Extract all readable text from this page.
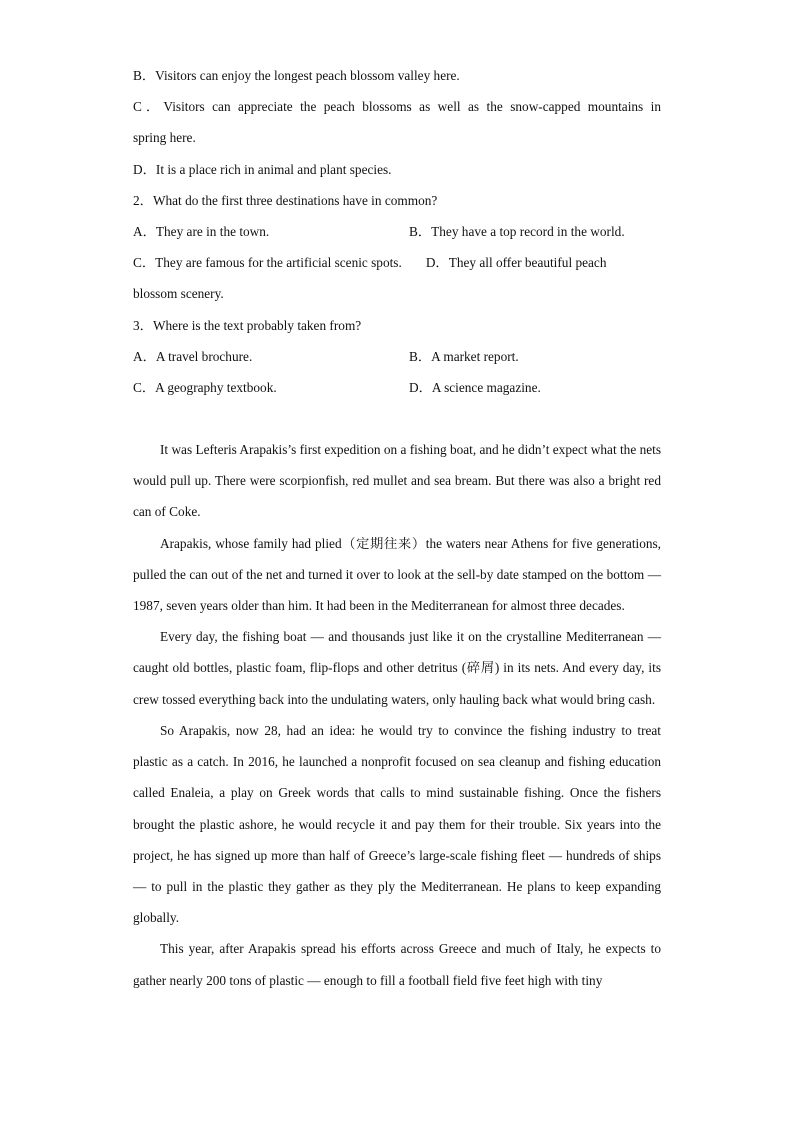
B．Visitors can enjoy the longest peach blossom valley here.
C．Visitors can appreciate the peach blossoms as well as the snow-capped mountains in
spring here.
D．It is a place rich in animal and plant species.
2．What do the first three destinations have in common?
A．They are in the town.	B．They have a top record in the world.
C．They are famous for the artificial scenic spots. D．They all offer beautiful peach
blossom scenery.
3．Where is the text probably taken from?
A．A travel brochure.	B．A market report.
C．A geography textbook.	D．A science magazine.

It was Lefteris Arapakis’s first expedition on a fishing boat, and he didn’t expect what the nets would pull up. There were scorpionfish, red mullet and sea bream. But there was also a bright red can of Coke.

Arapakis, whose family had plied（定期往来）the waters near Athens for five generations, pulled the can out of the net and turned it over to look at the sell-by date stamped on the bottom —1987, seven years older than him. It had been in the Mediterranean for almost three decades.

Every day, the fishing boat — and thousands just like it on the crystalline Mediterranean — caught old bottles, plastic foam, flip-flops and other detritus (碎屑) in its nets. And every day, its crew tossed everything back into the undulating waters, only hauling back what would bring cash.

So Arapakis, now 28, had an idea: he would try to convince the fishing industry to treat plastic as a catch. In 2016, he launched a nonprofit focused on sea cleanup and fishing education called Enaleia, a play on Greek words that calls to mind sustainable fishing. Once the fishers brought the plastic ashore, he would recycle it and pay them for their trouble. Six years into the project, he has signed up more than half of Greece’s large-scale fishing fleet — hundreds of ships — to pull in the plastic they gather as they ply the Mediterranean. He plans to keep expanding globally.

This year, after Arapakis spread his efforts across Greece and much of Italy, he expects to gather nearly 200 tons of plastic — enough to fill a football field five feet high with tiny
